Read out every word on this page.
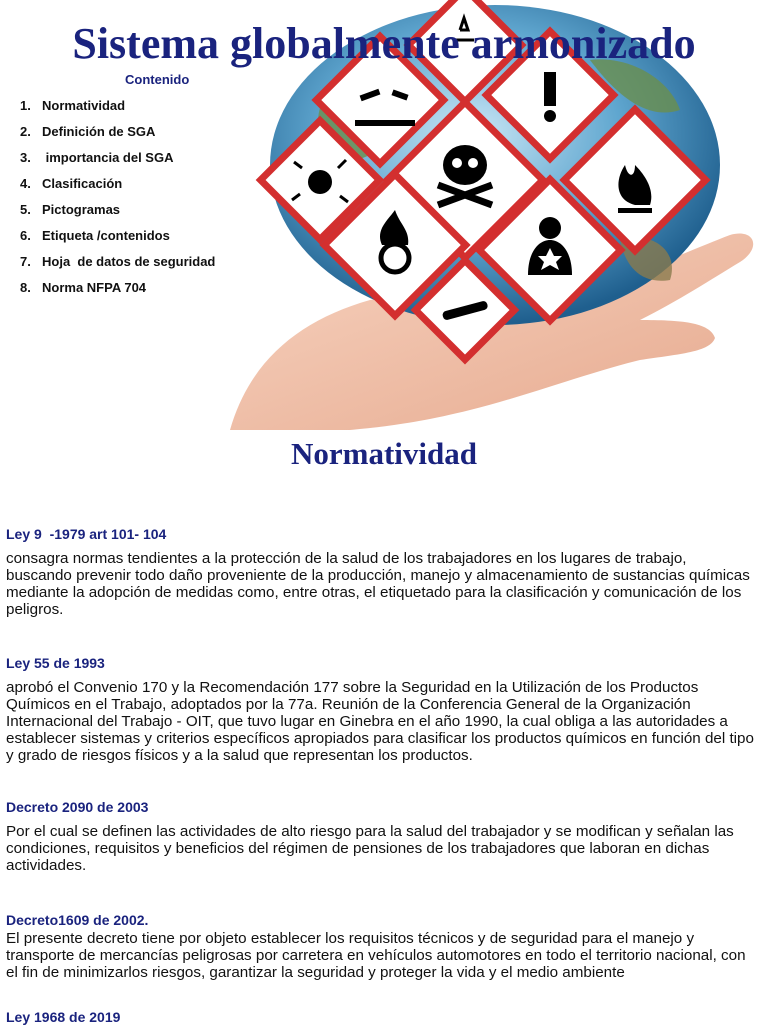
Sistema globalmente armonizado
Contenido
1. Normatividad
2. Definición de SGA
3. importancia del SGA
4. Clasificación
5. Pictogramas
6. Etiqueta /contenidos
7. Hoja  de datos de seguridad
8. Norma NFPA 704
Normatividad

Ley 9  -1979 art 101- 104

consagra normas tendientes a la protección de la salud de los trabajadores en los lugares de trabajo, buscando prevenir todo daño proveniente de la producción, manejo y almacenamiento de sustancias químicas mediante la adopción de medidas como, entre otras, el etiquetado para la clasificación y comunicación de los peligros.

Ley 55 de 1993

aprobó el Convenio 170 y la Recomendación 177 sobre la Seguridad en la Utilización de los Productos Químicos en el Trabajo, adoptados por la 77a. Reunión de la Conferencia General de la Organización Internacional del Trabajo - OIT, que tuvo lugar en Ginebra en el año 1990, la cual obliga a las autoridades a establecer sistemas y criterios específicos apropiados para clasificar los productos químicos en función del tipo y grado de riesgos físicos y a la salud que representan los productos.

Decreto 2090 de 2003

Por el cual se definen las actividades de alto riesgo para la salud del trabajador y se modifican y señalan las condiciones, requisitos y beneficios del régimen de pensiones de los trabajadores que laboran en dichas actividades.

Decreto1609 de 2002.

El presente decreto tiene por objeto establecer los requisitos técnicos y de seguridad para el manejo y transporte de mercancías peligrosas por carretera en vehículos automotores en todo el territorio nacional, con el fin de minimizarlos riesgos, garantizar la seguridad y proteger la vida y el medio ambiente

Ley 1968 de 2019
